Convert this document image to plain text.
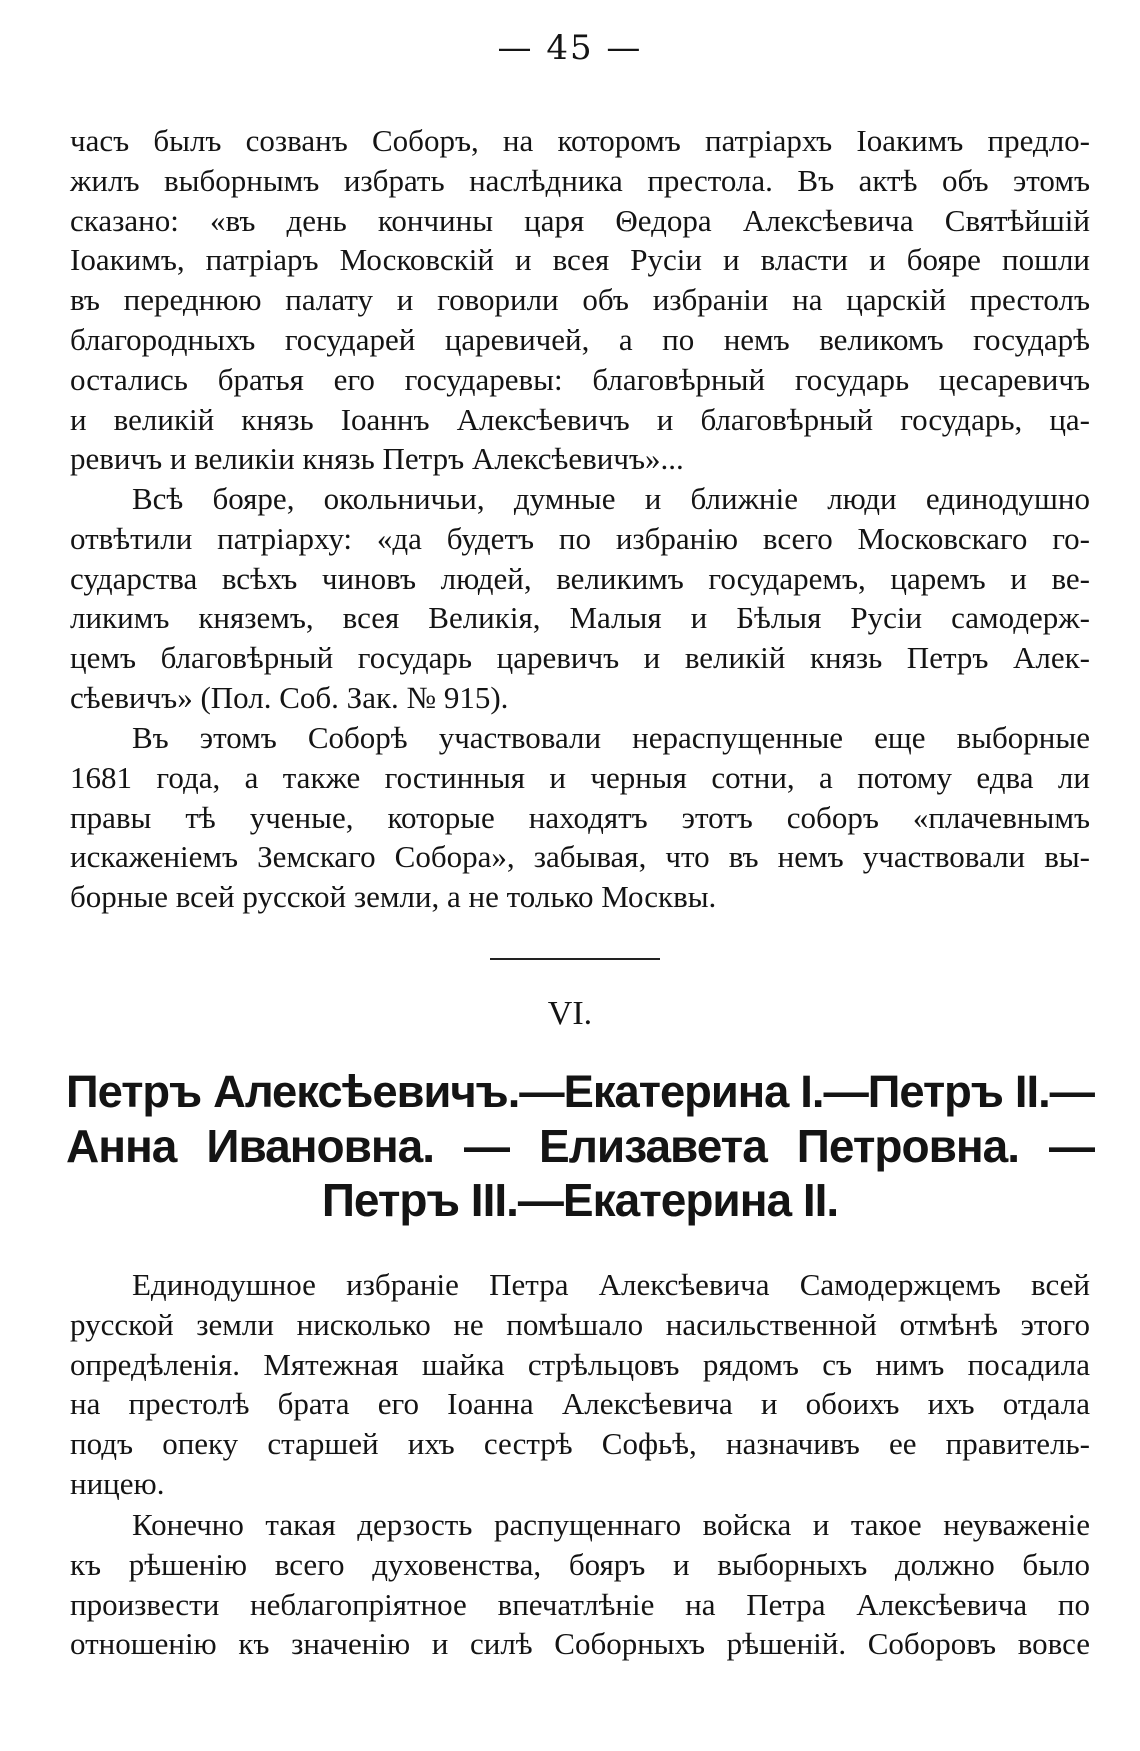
— 45 —
часъ былъ созванъ Соборъ, на которомъ патріархъ Іоакимъ предло-
жилъ выборнымъ избрать наслѣдника престола. Въ актѣ объ этомъ
сказано: «въ день кончины царя Θедора Алексѣевича Святѣйшій
Іоакимъ, патріаръ Московскій и всея Русіи и власти и бояре пошли
въ переднюю палату и говорили объ избраніи на царскій престолъ
благородныхъ государей царевичей, а по немъ великомъ государѣ
остались братья его государевы: благовѣрный государь цесаревичъ
и великій князь Іоаннъ Алексѣевичъ и благовѣрный государь, ца-
ревичъ и великіи князь Петръ Алексѣевичъ»...
Всѣ бояре, окольничьи, думные и ближніе люди единодушно
отвѣтили патріарху: «да будетъ по избранію всего Московскаго го-
сударства всѣхъ чиновъ людей, великимъ государемъ, царемъ и ве-
ликимъ княземъ, всея Великія, Малыя и Бѣлыя Русіи самодерж-
цемъ благовѣрный государь царевичъ и великій князь Петръ Алек-
сѣевичъ» (Пол. Соб. Зак. № 915).
Въ этомъ Соборѣ участвовали нераспущенные еще выборные
1681 года, а также гостинныя и черныя сотни, а потому едва ли
правы тѣ ученые, которые находятъ этотъ соборъ «плачевнымъ
искаженіемъ Земскаго Собора», забывая, что въ немъ участвовали вы-
борные всей русской земли, а не только Москвы.
VI.
Петръ Алексѣевичъ.—Екатерина I.—Петръ II.—
Анна Ивановна. — Елизавета Петровна. —
Петръ III.—Екатерина II.
Единодушное избраніе Петра Алексѣевича Самодержцемъ всей
русской земли нисколько не помѣшало насильственной отмѣнѣ этого
опредѣленія. Мятежная шайка стрѣльцовъ рядомъ съ нимъ посадила
на престолѣ брата его Іоанна Алексѣевича и обоихъ ихъ отдала
подъ опеку старшей ихъ сестрѣ Софьѣ, назначивъ ее правитель-
ницею.
Конечно такая дерзость распущеннаго войска и такое неуваженіе
къ рѣшенію всего духовенства, бояръ и выборныхъ должно было
произвести неблагопріятное впечатлѣніе на Петра Алексѣевича по
отношенію къ значенію и силѣ Соборныхъ рѣшеній. Соборовъ вовсе
